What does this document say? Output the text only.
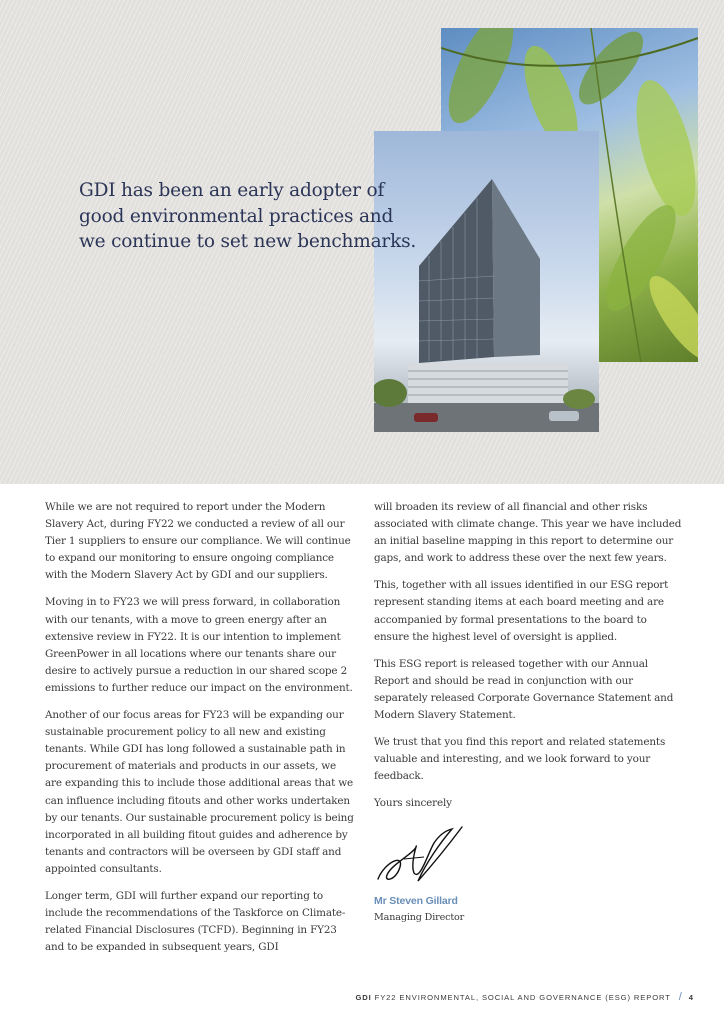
GDI has been an early adopter of
good environmental practices and
we continue to set new benchmarks.

While we are not required to report under the Modern Slavery Act, during FY22 we conducted a review of all our Tier 1 suppliers to ensure our compliance. We will continue to expand our monitoring to ensure ongoing compliance with the Modern Slavery Act by GDI and our suppliers.

Moving in to FY23 we will press forward, in collaboration with our tenants, with a move to green energy after an extensive review in FY22. It is our intention to implement GreenPower in all locations where our tenants share our desire to actively pursue a reduction in our shared scope 2 emissions to further reduce our impact on the environment.

Another of our focus areas for FY23 will be expanding our sustainable procurement policy to all new and existing tenants. While GDI has long followed a sustainable path in procurement of materials and products in our assets, we are expanding this to include those additional areas that we can influence including fitouts and other works undertaken by our tenants. Our sustainable procurement policy is being incorporated in all building fitout guides and adherence by tenants and contractors will be overseen by GDI staff and appointed consultants.

Longer term, GDI will further expand our reporting to include the recommendations of the Taskforce on Climate-related Financial Disclosures (TCFD). Beginning in FY23 and to be expanded in subsequent years, GDI

will broaden its review of all financial and other risks associated with climate change. This year we have included an initial baseline mapping in this report to determine our gaps, and work to address these over the next few years.

This, together with all issues identified in our ESG report represent standing items at each board meeting and are accompanied by formal presentations to the board to ensure the highest level of oversight is applied.

This ESG report is released together with our Annual Report and should be read in conjunction with our separately released Corporate Governance Statement and Modern Slavery Statement.

We trust that you find this report and related statements valuable and interesting, and we look forward to your feedback.

Yours sincerely

Mr Steven Gillard
Managing Director
GDI FY22 ENVIRONMENTAL, SOCIAL AND GOVERNANCE (ESG) REPORT / 4
